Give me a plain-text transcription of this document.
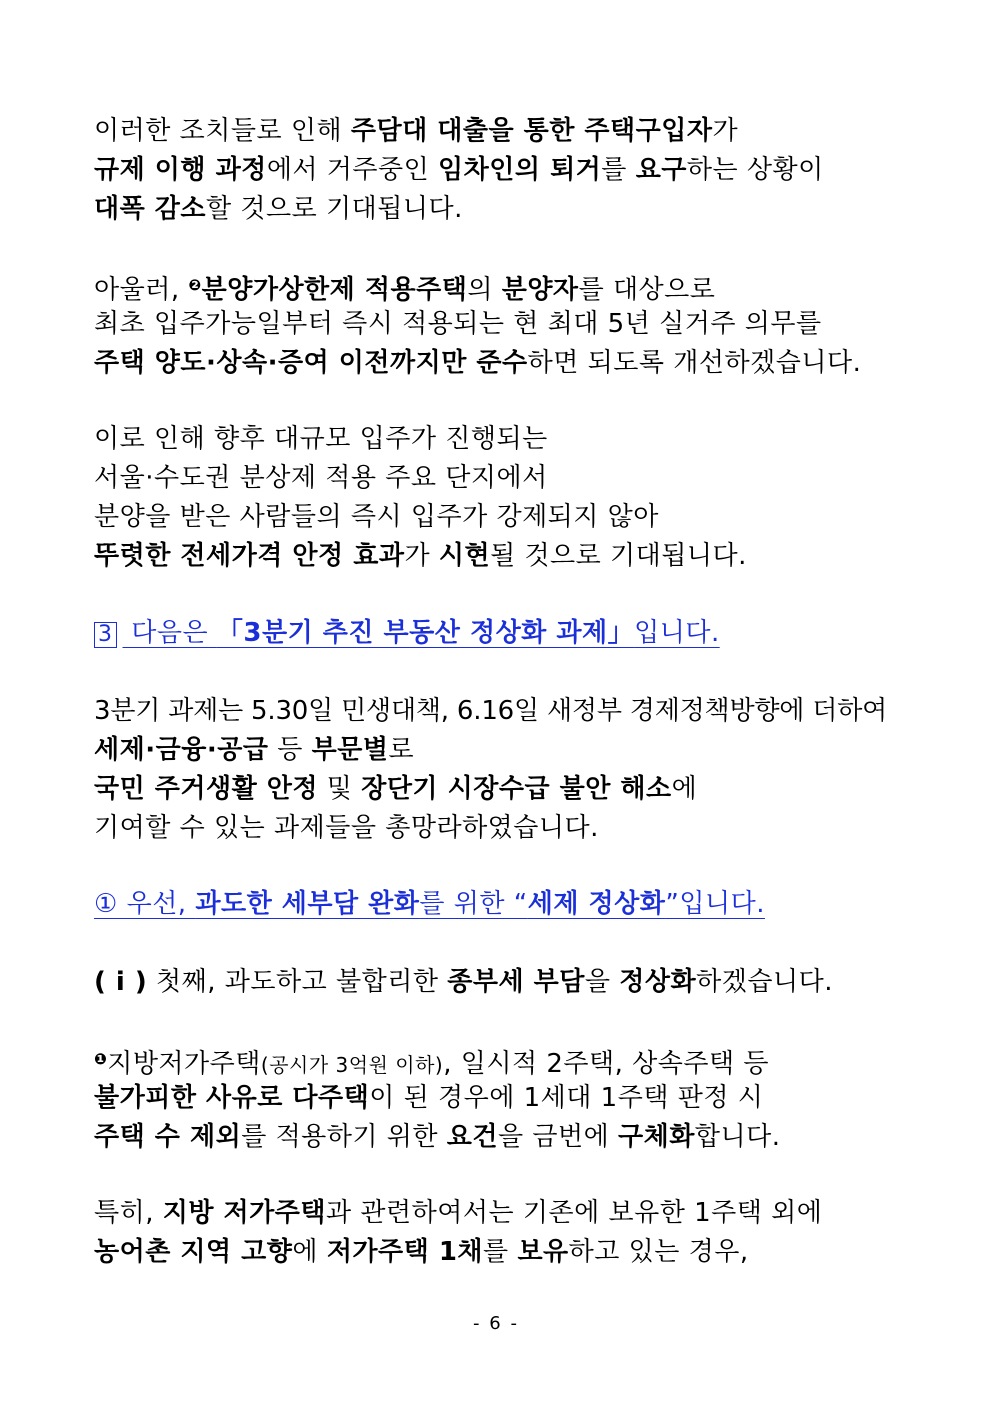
이러한 조치들로 인해 주담대 대출을 통한 주택구입자가
규제 이행 과정에서 거주중인 임차인의 퇴거를 요구하는 상황이
대폭 감소할 것으로 기대됩니다.
아울러, $^❷$분양가상한제 적용주택의 분양자를 대상으로
최초 입주가능일부터 즉시 적용되는 현 최대 5년 실거주 의무를
주택 양도·상속·증여 이전까지만 준수하면 되도록 개선하겠습니다.
이로 인해 향후 대규모 입주가 진행되는
서울·수도권 분상제 적용 주요 단지에서
분양을 받은 사람들의 즉시 입주가 강제되지 않아
뚜렷한 전세가격 안정 효과가 시현될 것으로 기대됩니다.
3 다음은 「3분기 추진 부동산 정상화 과제」입니다.
3분기 과제는 5.30일 민생대책, 6.16일 새정부 경제정책방향에 더하여
세제·금융·공급 등 부문별로
국민 주거생활 안정 및 장단기 시장수급 불안 해소에
기여할 수 있는 과제들을 총망라하였습니다.
① 우선, 과도한 세부담 완화를 위한 “세제 정상화”입니다.
( i ) 첫째, 과도하고 불합리한 종부세 부담을 정상화하겠습니다.
$^❶$지방저가주택(공시가 3억원 이하), 일시적 2주택, 상속주택 등
불가피한 사유로 다주택이 된 경우에 1세대 1주택 판정 시
주택 수 제외를 적용하기 위한 요건을 금번에 구체화합니다.
특히, 지방 저가주택과 관련하여서는 기존에 보유한 1주택 외에
농어촌 지역 고향에 저가주택 1채를 보유하고 있는 경우,
- 6 -
